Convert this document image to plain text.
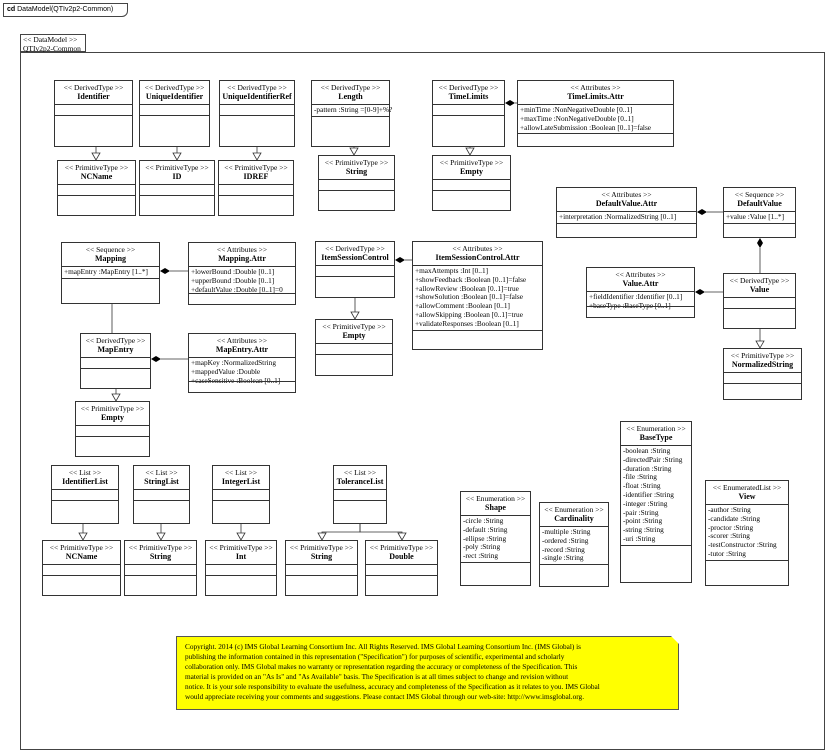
cd DataModel(QTIv2p2-Common)
<< DataModel >>
QTIv2p2-Common
<< DerivedType >>
Identifier
<< PrimitiveType >>
NCName
<< DerivedType >>
UniqueIdentifier
<< PrimitiveType >>
ID
<< DerivedType >>
UniqueIdentifierRef
<< PrimitiveType >>
IDREF
<< DerivedType >>
Length
-pattern :String =[0-9]+%?
<< PrimitiveType >>
String
<< DerivedType >>
TimeLimits
<< Attributes >>
TimeLimits.Attr
+minTime :NonNegativeDouble [0..1]
+maxTime :NonNegativeDouble [0..1]
+allowLateSubmission :Boolean [0..1]=false
<< PrimitiveType >>
Empty
<< Attributes >>
DefaultValue.Attr
+interpretation :NormalizedString [0..1]
<< Sequence >>
DefaultValue
+value :Value [1..*]
<< Attributes >>
Value.Attr
+fieldIdentifier :Identifier [0..1]
+baseType :BaseType [0..1]
<< DerivedType >>
Value
<< PrimitiveType >>
NormalizedString
<< Sequence >>
Mapping
+mapEntry :MapEntry [1..*]
<< Attributes >>
Mapping.Attr
+lowerBound :Double [0..1]
+upperBound :Double [0..1]
+defaultValue :Double [0..1]=0
<< DerivedType >>
MapEntry
<< Attributes >>
MapEntry.Attr
+mapKey :NormalizedString
+mappedValue :Double
+caseSensitive :Boolean [0..1]
<< PrimitiveType >>
Empty
<< DerivedType >>
ItemSessionControl
<< Attributes >>
ItemSessionControl.Attr
+maxAttempts :Int [0..1]
+showFeedback :Boolean [0..1]=false
+allowReview :Boolean [0..1]=true
+showSolution :Boolean [0..1]=false
+allowComment :Boolean [0..1]
+allowSkipping :Boolean [0..1]=true
+validateResponses :Boolean [0..1]
<< PrimitiveType >>
Empty
<< List >>
IdentifierList
<< PrimitiveType >>
NCName
<< List >>
StringList
<< PrimitiveType >>
String
<< List >>
IntegerList
<< PrimitiveType >>
Int
<< List >>
ToleranceList
<< PrimitiveType >>
String
<< PrimitiveType >>
Double
<< Enumeration >>
Shape
-circle :String
-default :String
-ellipse :String
-poly :String
-rect :String
<< Enumeration >>
Cardinality
-multiple :String
-ordered :String
-record :String
-single :String
<< Enumeration >>
BaseType
-boolean :String
-directedPair :String
-duration :String
-file :String
-float :String
-identifier :String
-integer :String
-pair :String
-point :String
-string :String
-uri :String
<< EnumeratedList >>
View
-author :String
-candidate :String
-proctor :String
-scorer :String
-testConstructor :String
-tutor :String
Copyright. 2014 (c) IMS Global Learning Consortium Inc. All Rights Reserved. IMS Global Learning Consortium Inc. (IMS Global) is
publishing the information contained in this representation ("Specification") for purposes of scientific, experimental and scholarly
collaboration only. IMS Global makes no warranty or representation regarding the accuracy or completeness of the Specification. This
material is provided on an "As Is" and "As Available" basis. The Specification is at all times subject to change and revision without
notice. It is your sole responsibility to evaluate the usefulness, accuracy and completeness of the Specification as it relates to you. IMS Global
would appreciate receiving your comments and suggestions. Please contact IMS Global through our web-site: http://www.imsglobal.org.
